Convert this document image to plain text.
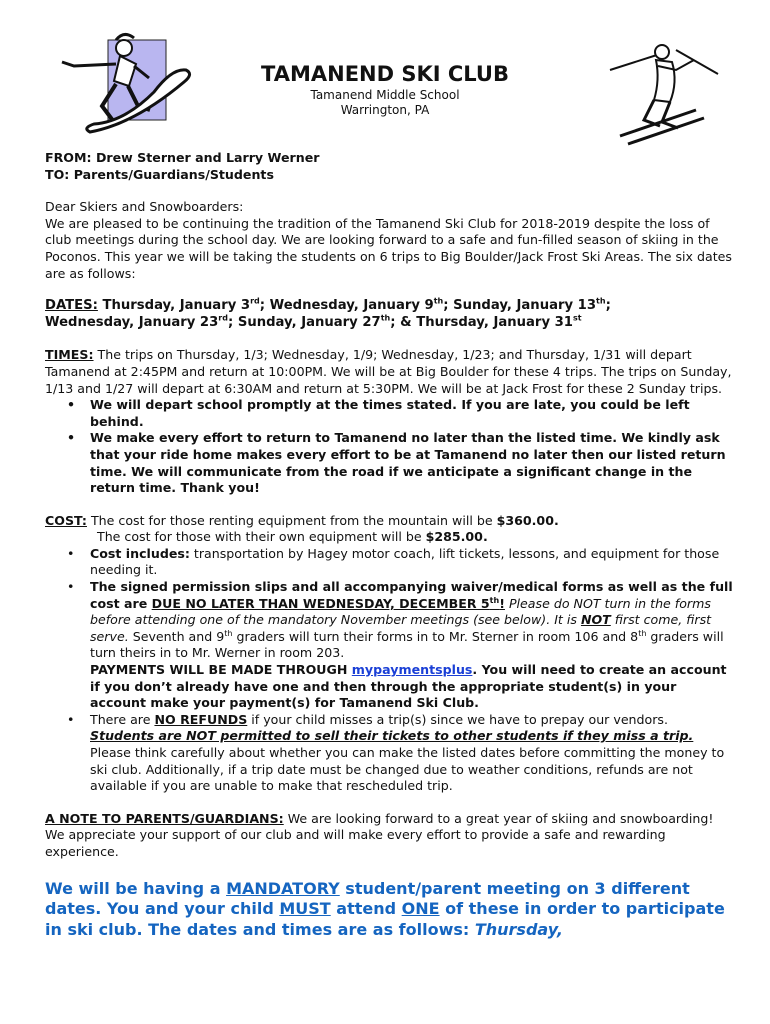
TAMANEND SKI CLUB
Tamanend Middle School
Warrington, PA
FROM: Drew Sterner and Larry Werner
TO: Parents/Guardians/Students
Dear Skiers and Snowboarders:
We are pleased to be continuing the tradition of the Tamanend Ski Club for 2018-2019 despite the loss of club meetings during the school day. We are looking forward to a safe and fun-filled season of skiing in the Poconos. This year we will be taking the students on 6 trips to Big Boulder/Jack Frost Ski Areas. The six dates are as follows:
DATES: Thursday, January 3rd; Wednesday, January 9th; Sunday, January 13th;
Wednesday, January 23rd; Sunday, January 27th; & Thursday, January 31st
TIMES: The trips on Thursday, 1/3; Wednesday, 1/9; Wednesday, 1/23; and Thursday, 1/31 will depart Tamanend at 2:45PM and return at 10:00PM. We will be at Big Boulder for these 4 trips. The trips on Sunday, 1/13 and 1/27 will depart at 6:30AM and return at 5:30PM. We will be at Jack Frost for these 2 Sunday trips.
• We will depart school promptly at the times stated. If you are late, you could be left behind.
• We make every effort to return to Tamanend no later than the listed time. We kindly ask that your ride home makes every effort to be at Tamanend no later then our listed return time. We will communicate from the road if we anticipate a significant change in the return time. Thank you!
COST: The cost for those renting equipment from the mountain will be $360.00.
The cost for those with their own equipment will be $285.00.
• Cost includes: transportation by Hagey motor coach, lift tickets, lessons, and equipment for those needing it.
• The signed permission slips and all accompanying waiver/medical forms as well as the full cost are DUE NO LATER THAN WEDNESDAY, DECEMBER 5th! Please do NOT turn in the forms before attending one of the mandatory November meetings (see below). It is NOT first come, first serve. Seventh and 9th graders will turn their forms in to Mr. Sterner in room 106 and 8th graders will turn theirs in to Mr. Werner in room 203.
PAYMENTS WILL BE MADE THROUGH mypaymentsplus. You will need to create an account if you don’t already have one and then through the appropriate student(s) in your account make your payment(s) for Tamanend Ski Club.
• There are NO REFUNDS if your child misses a trip(s) since we have to prepay our vendors. Students are NOT permitted to sell their tickets to other students if they miss a trip. Please think carefully about whether you can make the listed dates before committing the money to ski club. Additionally, if a trip date must be changed due to weather conditions, refunds are not available if you are unable to make that rescheduled trip.
A NOTE TO PARENTS/GUARDIANS: We are looking forward to a great year of skiing and snowboarding! We appreciate your support of our club and will make every effort to provide a safe and rewarding experience.
We will be having a MANDATORY student/parent meeting on 3 different dates. You and your child MUST attend ONE of these in order to participate in ski club. The dates and times are as follows: Thursday,
